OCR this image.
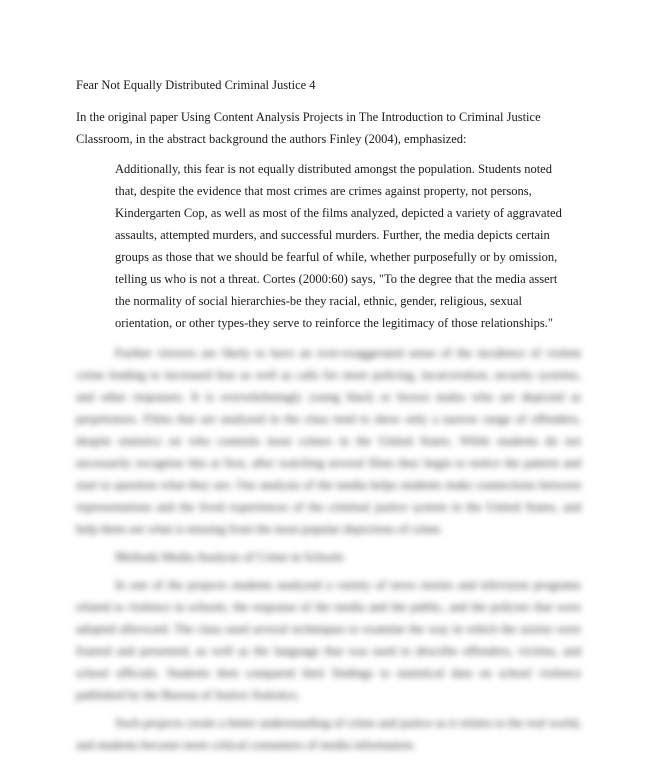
Fear Not Equally Distributed Criminal Justice 4
In the original paper Using Content Analysis Projects in The Introduction to Criminal Justice
Classroom, in the abstract background the authors Finley (2004), emphasized:
Additionally, this fear is not equally distributed amongst the population. Students noted
that, despite the evidence that most crimes are crimes against property, not persons,
Kindergarten Cop, as well as most of the films analyzed, depicted a variety of aggravated
assaults, attempted murders, and successful murders. Further, the media depicts certain
groups as those that we should be fearful of while, whether purposefully or by omission,
telling us who is not a threat. Cortes (2000:60) says, "To the degree that the media assert
the normality of social hierarchies-be they racial, ethnic, gender, religious, sexual
orientation, or other types-they serve to reinforce the legitimacy of those relationships."

Further viewers are likely to have an over-exaggerated sense of the incidence of violent crime leading to increased fear as well as calls for more policing, incarceration, security systems, and other responses. It is overwhelmingly young black or brown males who are depicted as perpetrators. Films that are analyzed in the class tend to show only a narrow range of offenders, despite statistics on who commits most crimes in the United States. While students do not necessarily recognize this at first, after watching several films they begin to notice the pattern and start to question what they see. Our analysis of the media helps students make connections between representations and the lived experiences of the criminal justice system in the United States, and help them see what is missing from the most popular depictions of crime.

Methods Media Analysis of Crime in Schools

In one of the projects students analyzed a variety of news stories and television programs related to violence in schools, the response of the media and the public, and the policies that were adopted afterward. The class used several techniques to examine the way in which the stories were framed and presented, as well as the language that was used to describe offenders, victims, and school officials. Students then compared their findings to statistical data on school violence published by the Bureau of Justice Statistics.

Such projects create a better understanding of crime and justice as it relates to the real world, and students become more critical consumers of media information.
